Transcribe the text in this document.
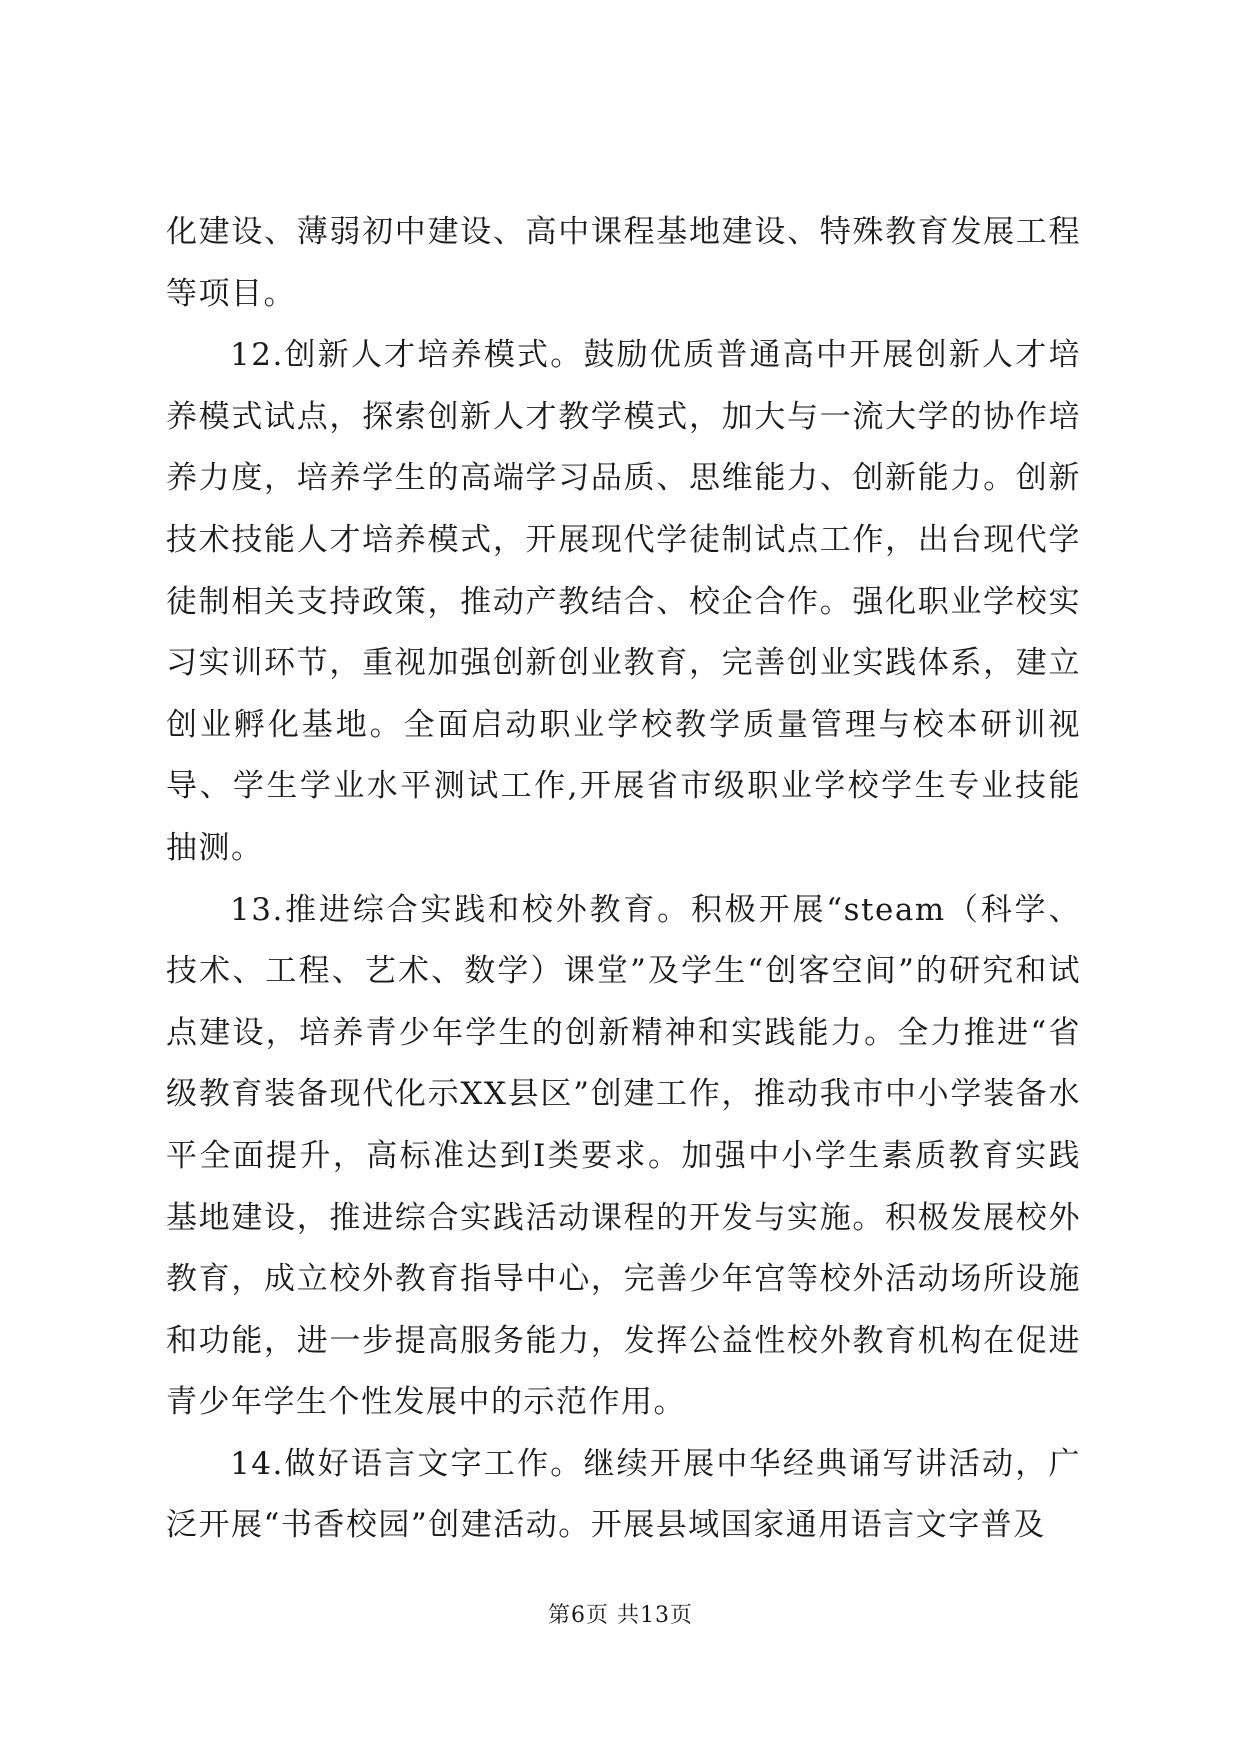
化建设、薄弱初中建设、高中课程基地建设、特殊教育发展工程等项目。

12.创新人才培养模式。鼓励优质普通高中开展创新人才培养模式试点，探索创新人才教学模式，加大与一流大学的协作培养力度，培养学生的高端学习品质、思维能力、创新能力。创新技术技能人才培养模式，开展现代学徒制试点工作，出台现代学徒制相关支持政策，推动产教结合、校企合作。强化职业学校实习实训环节，重视加强创新创业教育，完善创业实践体系，建立创业孵化基地。全面启动职业学校教学质量管理与校本研训视导、学生学业水平测试工作,开展省市级职业学校学生专业技能抽测。

13.推进综合实践和校外教育。积极开展“steam（科学、技术、工程、艺术、数学）课堂”及学生“创客空间”的研究和试点建设，培养青少年学生的创新精神和实践能力。全力推进“省级教育装备现代化示XX县区”创建工作，推动我市中小学装备水平全面提升，高标准达到Ⅰ类要求。加强中小学生素质教育实践基地建设，推进综合实践活动课程的开发与实施。积极发展校外教育，成立校外教育指导中心，完善少年宫等校外活动场所设施和功能，进一步提高服务能力，发挥公益性校外教育机构在促进青少年学生个性发展中的示范作用。

14.做好语言文字工作。继续开展中华经典诵写讲活动，广泛开展“书香校园”创建活动。开展县域国家通用语言文字普及

第6页 共13页
